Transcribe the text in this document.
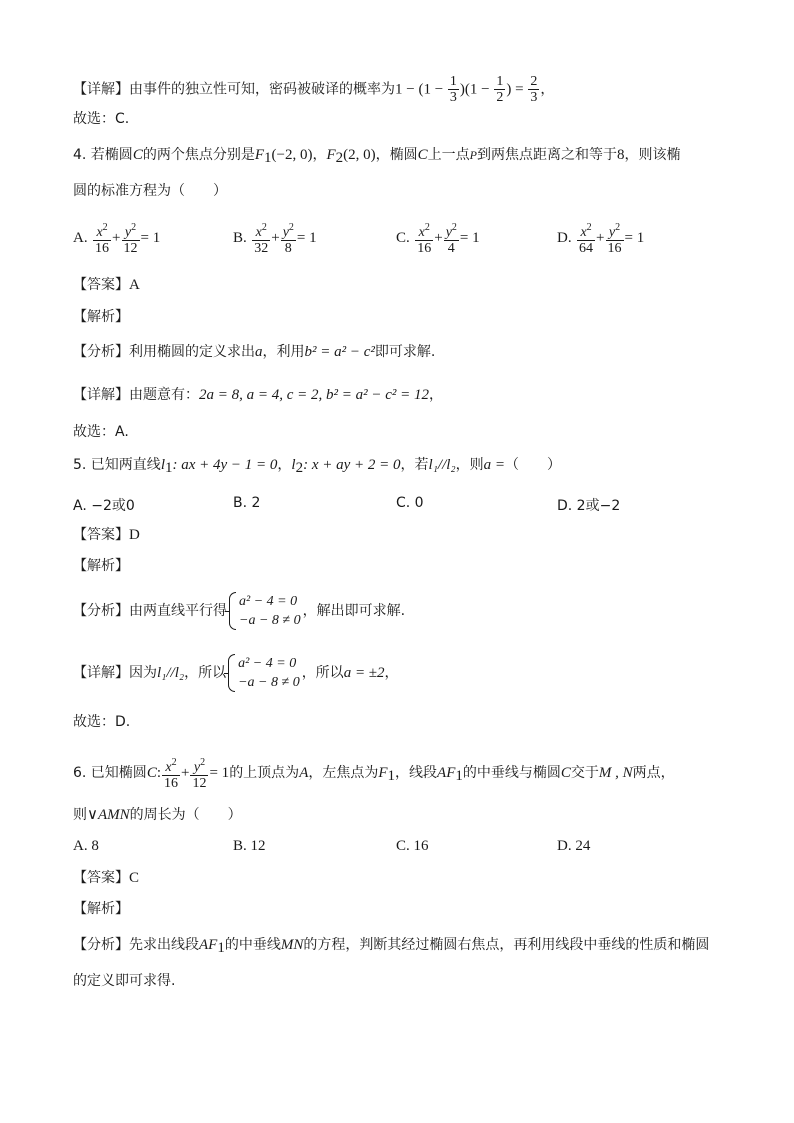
【详解】由事件的独立性可知，密码被破译的概率为$1 - (1 - \frac{1}{3} )(1 - \frac{1}{2}$ ) = $\frac{2}{3}$ ，
故选：C.
4. 若椭圆C的两个焦点分别是$F_1(-2$, 0)，$F_2(2$, 0)，椭圆C上一点P到两焦点距离之和等于8，则该椭
圆的标准方程为（　　）
A. $\frac{x^2}{16} + \frac{y^2}{12} = 1$	B. $\frac{x^2}{32} + \frac{y^2}{8} = 1$	C. $\frac{x^2}{16} + \frac{y^2}{4} = 1$	D. $\frac{x^2}{64} + \frac{y^2}{16} = 1$
【答案】A
【解析】
【分析】利用椭圆的定义求出a，利用b² = a² − c²即可求解.
【详解】由题意有：2a = 8, a = 4, c = 2, b² = a² − c² = 12，
故选：A.
5. 已知两直线$l_1$: ax + 4y − 1 = 0，$l_2$: x + ay + 2 = 0，若l₁//l₂，则a =（　　）
A. −2或0	B. 2	C. 0	D. 2或−2
【答案】D
【解析】
【分析】由两直线平行得
a² − 4 = 0
−a − 8 ≠ 0
，解出即可求解.
【详解】因为l₁//l₂，所以
a² − 4 = 0
−a − 8 ≠ 0
，所以a = ±2，
故选：D.
6. 已知椭圆C: $\frac{x^2}{16} + \frac{y^2}{12} = 1$的上顶点为A，左焦点为$F_1$，线段$AF_1$的中垂线与椭圆C交于M , N两点，
则∨AMN的周长为（　　）
A. 8	B. 12	C. 16	D. 24
【答案】C
【解析】
【分析】先求出线段$AF_1$的中垂线MN的方程，判断其经过椭圆右焦点，再利用线段中垂线的性质和椭圆
的定义即可求得.
